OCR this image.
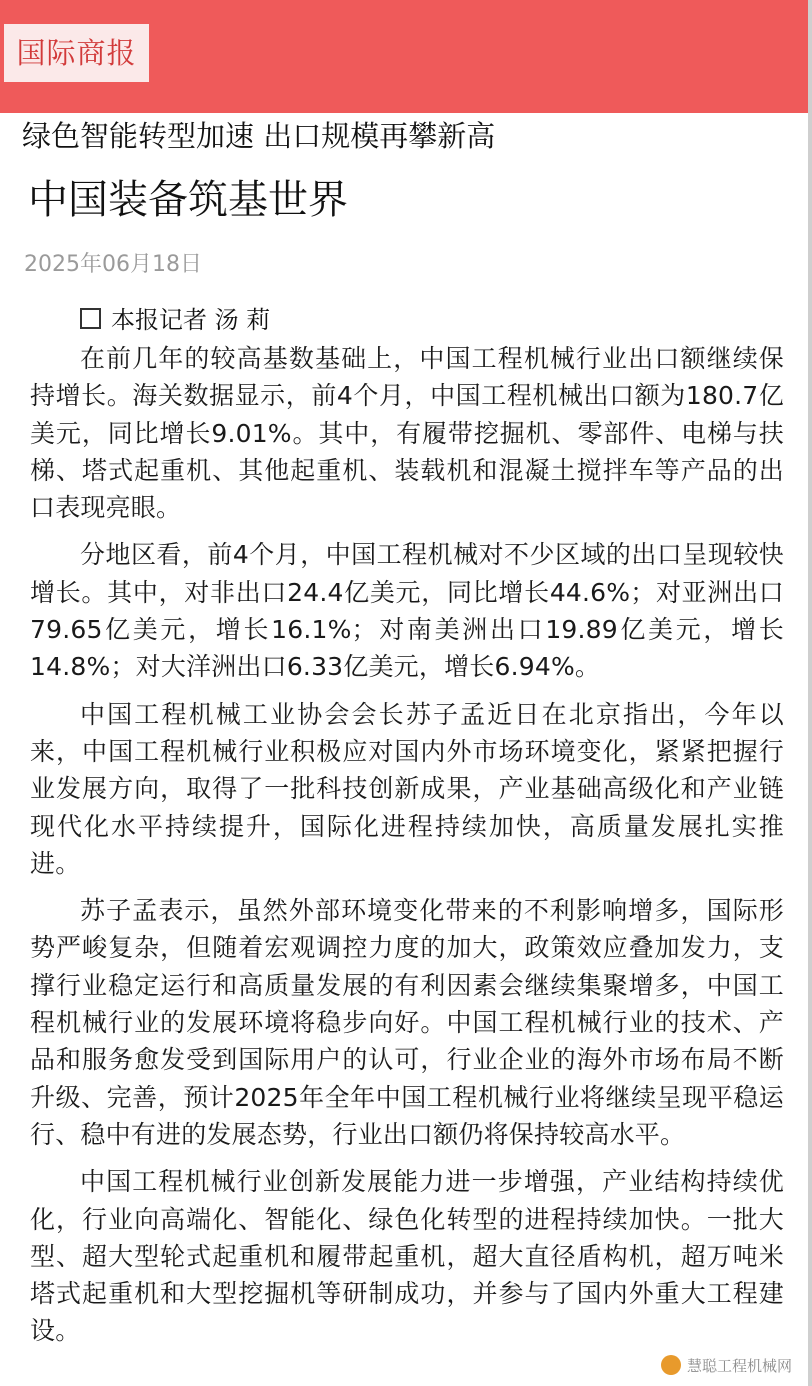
国际商报
绿色智能转型加速 出口规模再攀新高
中国装备筑基世界
2025年06月18日
本报记者 汤 莉

在前几年的较高基数基础上，中国工程机械行业出口额继续保持增长。海关数据显示，前4个月，中国工程机械出口额为180.7亿美元，同比增长9.01%。其中，有履带挖掘机、零部件、电梯与扶梯、塔式起重机、其他起重机、装载机和混凝土搅拌车等产品的出口表现亮眼。

分地区看，前4个月，中国工程机械对不少区域的出口呈现较快增长。其中，对非出口24.4亿美元，同比增长44.6%；对亚洲出口79.65亿美元，增长16.1%；对南美洲出口19.89亿美元，增长14.8%；对大洋洲出口6.33亿美元，增长6.94%。

中国工程机械工业协会会长苏子孟近日在北京指出，今年以来，中国工程机械行业积极应对国内外市场环境变化，紧紧把握行业发展方向，取得了一批科技创新成果，产业基础高级化和产业链现代化水平持续提升，国际化进程持续加快，高质量发展扎实推进。

苏子孟表示，虽然外部环境变化带来的不利影响增多，国际形势严峻复杂，但随着宏观调控力度的加大，政策效应叠加发力，支撑行业稳定运行和高质量发展的有利因素会继续集聚增多，中国工程机械行业的发展环境将稳步向好。中国工程机械行业的技术、产品和服务愈发受到国际用户的认可，行业企业的海外市场布局不断升级、完善，预计2025年全年中国工程机械行业将继续呈现平稳运行、稳中有进的发展态势，行业出口额仍将保持较高水平。

中国工程机械行业创新发展能力进一步增强，产业结构持续优化，行业向高端化、智能化、绿色化转型的进程持续加快。一批大型、超大型轮式起重机和履带起重机，超大直径盾构机，超万吨米塔式起重机和大型挖掘机等研制成功，并参与了国内外重大工程建设。

慧聪工程机械网
